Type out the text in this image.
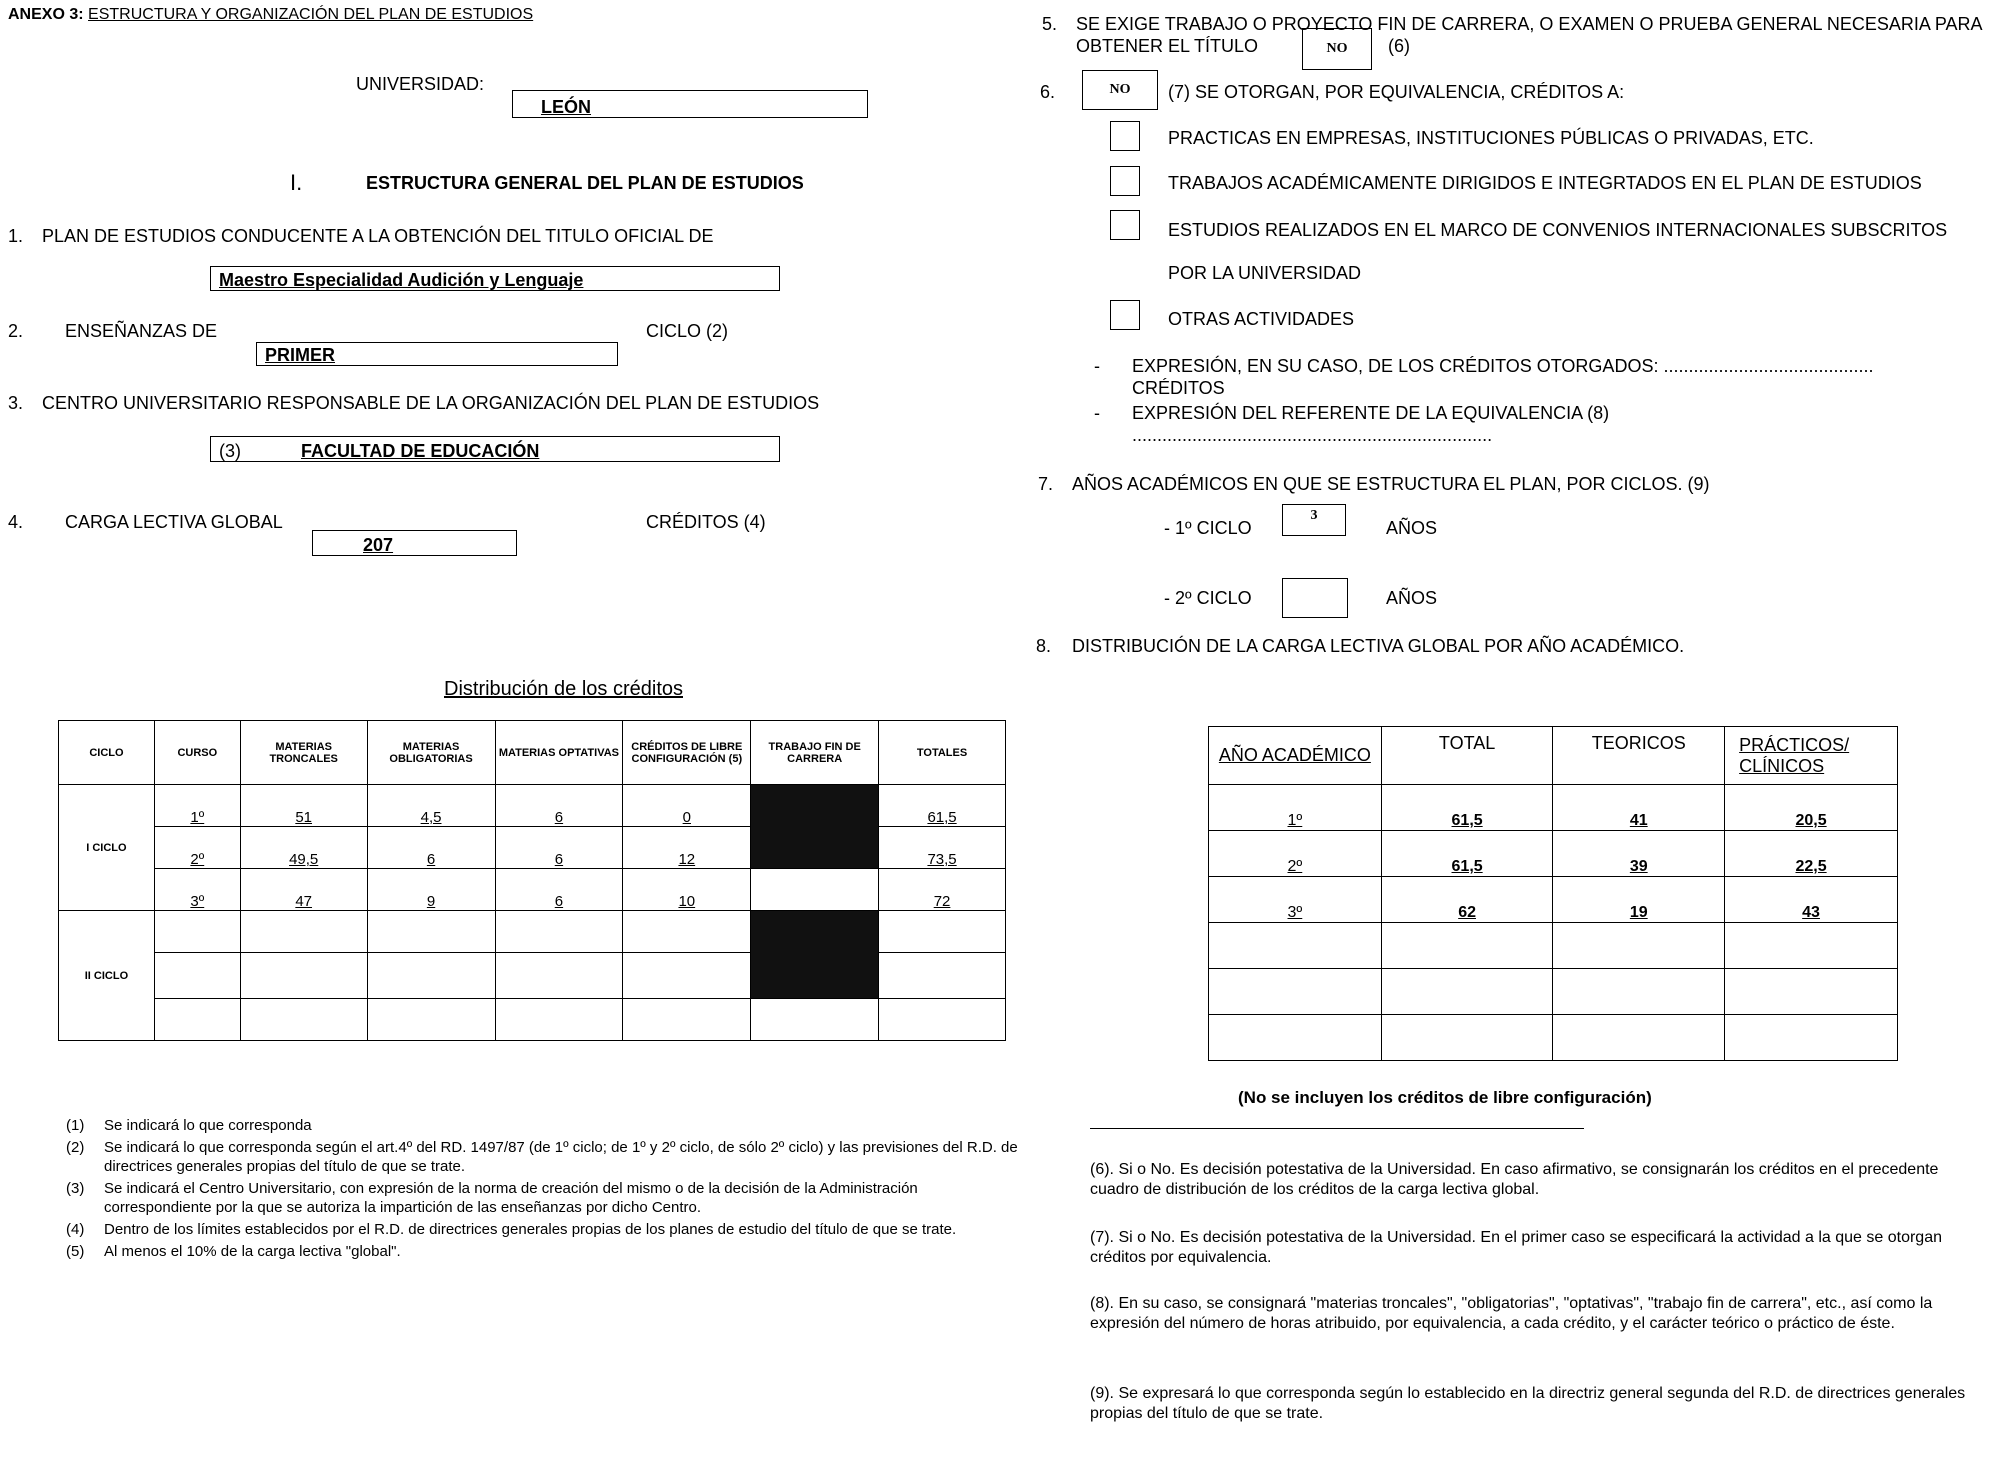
ANEXO 3: ESTRUCTURA Y ORGANIZACIÓN DEL PLAN DE ESTUDIOS
UNIVERSIDAD:
LEÓN
I.	ESTRUCTURA GENERAL DEL PLAN DE ESTUDIOS
1. PLAN DE ESTUDIOS CONDUCENTE A LA OBTENCIÓN DEL TITULO OFICIAL DE
Maestro Especialidad Audición y Lenguaje
2. ENSEÑANZAS DE
PRIMER
CICLO (2)
3. CENTRO UNIVERSITARIO RESPONSABLE DE LA ORGANIZACIÓN DEL PLAN DE ESTUDIOS
(3)	FACULTAD DE EDUCACIÓN
4. CARGA LECTIVA GLOBAL
207
CRÉDITOS (4)
Distribución de los créditos
CICLO	CURSO	MATERIAS TRONCALES	MATERIAS OBLIGATORIAS	MATERIAS OPTATIVAS	CRÉDITOS DE LIBRE CONFIGURACIÓN (5)	TRABAJO FIN DE CARRERA	TOTALES
I CICLO	1º	51	4,5	6	0		61,5
	2º	49,5	6	6	12		73,5
	3º	47	9	6	10		72
II CICLO							

(1)	Se indicará lo que corresponda
(2)	Se indicará lo que corresponda según el art.4º del RD. 1497/87 (de 1º ciclo; de 1º y 2º ciclo, de sólo 2º ciclo) y las previsiones del R.D. de directrices generales propias del título de que se trate.
(3)	Se indicará el Centro Universitario, con expresión de la norma de creación del mismo o de la decisión de la Administración correspondiente por la que se autoriza la impartición de las enseñanzas por dicho Centro.
(4)	Dentro de los límites establecidos por el R.D. de directrices generales propias de los planes de estudio del título de que se trate.
(5)	Al menos el 10% de la carga lectiva "global".
5. SE EXIGE TRABAJO O PROYECTO FIN DE CARRERA, O EXAMEN O PRUEBA GENERAL NECESARIA PARA
OBTENER EL TÍTULO	NO (6)
6.	NO (7) SE OTORGAN, POR EQUIVALENCIA, CRÉDITOS A:
PRACTICAS EN EMPRESAS, INSTITUCIONES PÚBLICAS O PRIVADAS, ETC.
TRABAJOS ACADÉMICAMENTE DIRIGIDOS E INTEGRTADOS EN EL PLAN DE ESTUDIOS
ESTUDIOS REALIZADOS EN EL MARCO DE CONVENIOS INTERNACIONALES SUBSCRITOS
POR LA UNIVERSIDAD
OTRAS ACTIVIDADES
- EXPRESIÓN, EN SU CASO, DE LOS CRÉDITOS OTORGADOS: ..........................................
CRÉDITOS
- EXPRESIÓN DEL REFERENTE DE LA EQUIVALENCIA (8)
........................................................................
7. AÑOS ACADÉMICOS EN QUE SE ESTRUCTURA EL PLAN, POR CICLOS. (9)
- 1º CICLO
3
AÑOS
- 2º CICLO	AÑOS
8. DISTRIBUCIÓN DE LA CARGA LECTIVA GLOBAL POR AÑO ACADÉMICO.
AÑO ACADÉMICO	TOTAL	TEORICOS	PRÁCTICOS/ CLÍNICOS
1º	61,5	41	20,5
2º	61,5	39	22,5
3º	62	19	43

(No se incluyen los créditos de libre configuración)
(6). Si o No. Es decisión potestativa de la Universidad. En caso afirmativo, se consignarán los créditos en el precedente cuadro de distribución de los créditos de la carga lectiva global.
(7). Si o No. Es decisión potestativa de la Universidad. En el primer caso se especificará la actividad a la que se otorgan créditos por equivalencia.
(8). En su caso, se consignará "materias troncales", "obligatorias", "optativas", "trabajo fin de carrera", etc., así como la expresión del número de horas atribuido, por equivalencia, a cada crédito, y el carácter teórico o práctico de éste.
(9). Se expresará lo que corresponda según lo establecido en la directriz general segunda del R.D. de directrices generales propias del título de que se trate.
